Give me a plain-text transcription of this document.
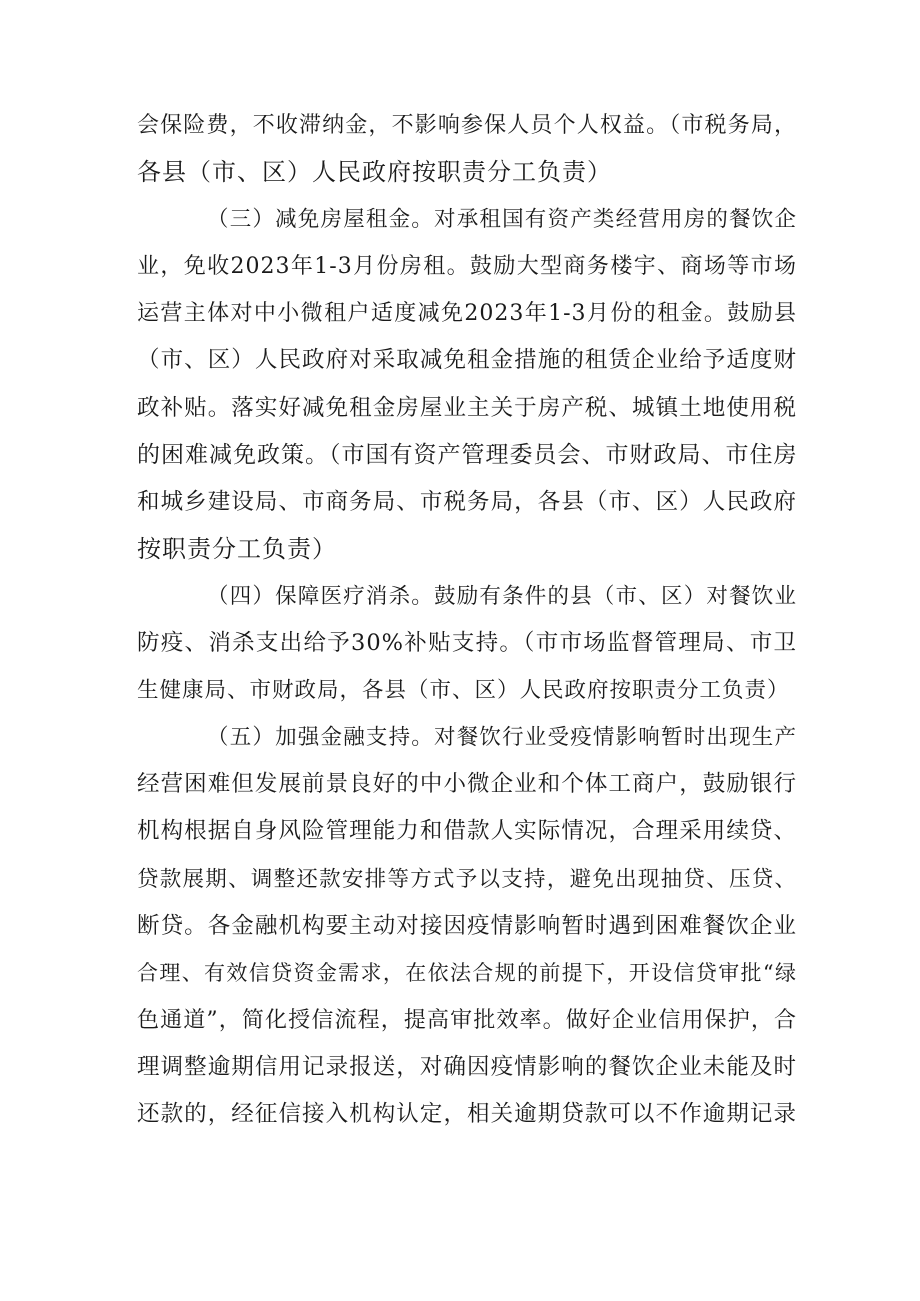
会保险费，不收滞纳金，不影响参保人员个人权益。（市税务局，
各县（市、区）人民政府按职责分工负责）
（三）减免房屋租金。对承租国有资产类经营用房的餐饮企
业，免收2023年1-3月份房租。鼓励大型商务楼宇、商场等市场
运营主体对中小微租户适度减免2023年1-3月份的租金。鼓励县
（市、区）人民政府对采取减免租金措施的租赁企业给予适度财
政补贴。落实好减免租金房屋业主关于房产税、城镇土地使用税
的困难减免政策。（市国有资产管理委员会、市财政局、市住房
和城乡建设局、市商务局、市税务局，各县（市、区）人民政府
按职责分工负责）
（四）保障医疗消杀。鼓励有条件的县（市、区）对餐饮业
防疫、消杀支出给予30%补贴支持。（市市场监督管理局、市卫
生健康局、市财政局，各县（市、区）人民政府按职责分工负责）
（五）加强金融支持。对餐饮行业受疫情影响暂时出现生产
经营困难但发展前景良好的中小微企业和个体工商户，鼓励银行
机构根据自身风险管理能力和借款人实际情况，合理采用续贷、
贷款展期、调整还款安排等方式予以支持，避免出现抽贷、压贷、
断贷。各金融机构要主动对接因疫情影响暂时遇到困难餐饮企业
合理、有效信贷资金需求，在依法合规的前提下，开设信贷审批“绿
色通道”，简化授信流程，提高审批效率。做好企业信用保护，合
理调整逾期信用记录报送，对确因疫情影响的餐饮企业未能及时
还款的，经征信接入机构认定，相关逾期贷款可以不作逾期记录
